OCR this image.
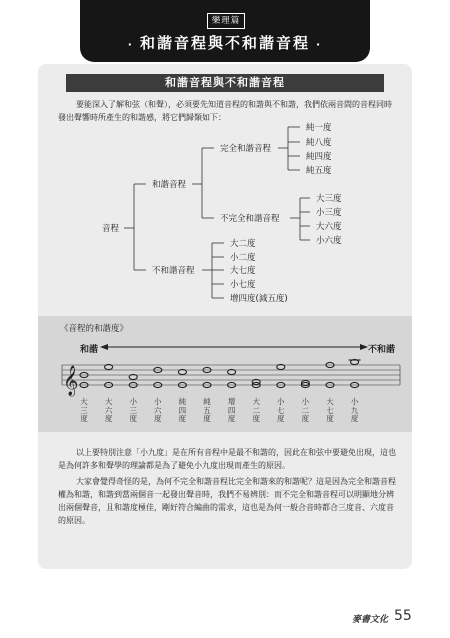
樂理篇
· 和諧音程與不和諧音程 ·
和諧音程與不和諧音程
要能深入了解和弦（和聲），必須要先知道音程的和諧與不和諧，我們依兩音間的音程同時發出聲響時所產生的和諧感，將它們歸類如下：
音程
和諧音程
完全和諧音程
純一度
純八度
純四度
純五度
不完全和諧音程
大三度
小三度
大六度
小六度
不和諧音程
大二度
小二度
大七度
小七度
增四度(減五度)
《音程的和諧度》
和諧	不和諧
𝄞
大
三
度
大
六
度
小
三
度
小
六
度
純
四
度
純
五
度
增
四
度
大
二
度
小
七
度
小
二
度
大
七
度
小
九
度
以上要特別注意「小九度」是在所有音程中是最不和諧的，因此在和弦中要避免出現，這也是為何許多和聲學的理論都是為了避免小九度出現而產生的原因。
大家會覺得奇怪的是，為何不完全和諧音程比完全和諧來的和諧呢？這是因為完全和諧音程權為和諧，和諧到當兩個音一起發出聲音時，我們不易辨別：而不完全和諧音程可以明顯地分辨出兩個聲音，且和諧度極佳，剛好符合編曲的需求，這也是為何一般合音時都合三度音、六度音的原因。
麥書文化 55
